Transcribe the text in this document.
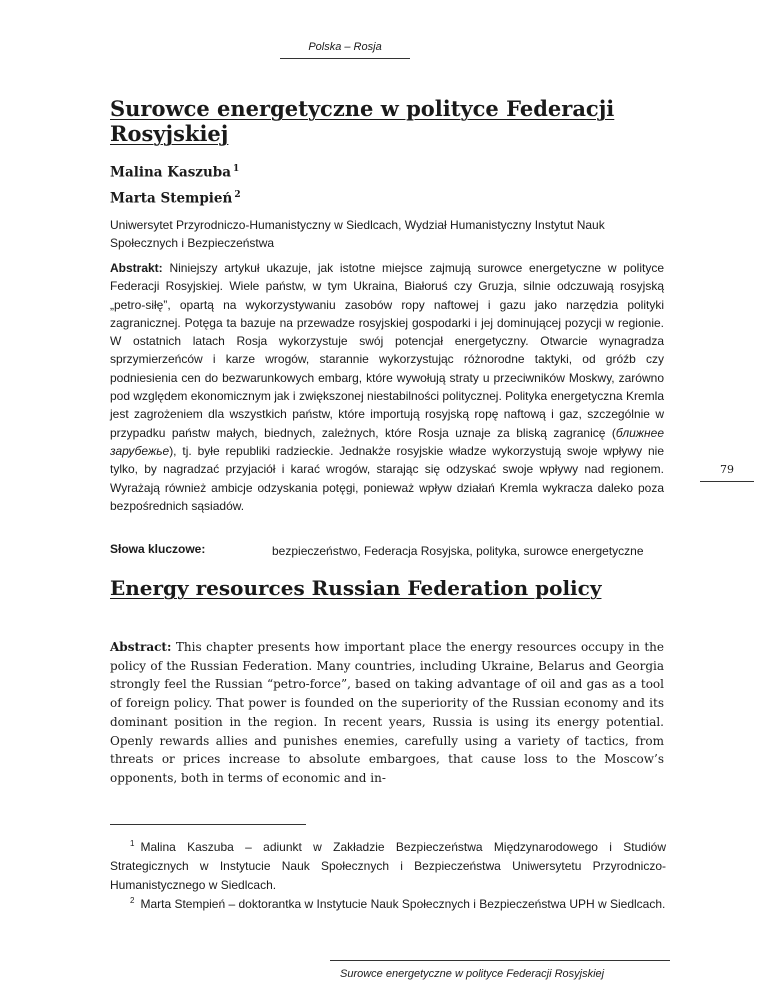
Polska – Rosja
Surowce energetyczne w polityce Federacji Rosyjskiej
Malina Kaszuba $^1$
Marta Stempień $^2$
Uniwersytet Przyrodniczo-Humanistyczny w Siedlcach, Wydział Humanistyczny Instytut Nauk Społecznych i Bezpieczeństwa

Abstrakt: Niniejszy artykuł ukazuje, jak istotne miejsce zajmują surowce energetyczne w polityce Federacji Rosyjskiej. Wiele państw, w tym Ukraina, Białoruś czy Gruzja, silnie odczuwają rosyjską „petro-siłę”, opartą na wykorzystywaniu zasobów ropy naftowej i gazu jako narzędzia polityki zagranicznej. Potęga ta bazuje na przewadze rosyjskiej gospodarki i jej dominującej pozycji w regionie. W ostatnich latach Rosja wykorzystuje swój potencjał energetyczny. Otwarcie wynagradza sprzymierzeńców i karze wrogów, starannie wykorzystując różnorodne taktyki, od gróźb czy podniesienia cen do bezwarunkowych embarg, które wywołują straty u przeciwników Moskwy, zarówno pod względem ekonomicznym jak i zwiększonej niestabilności politycznej. Polityka energetyczna Kremla jest zagrożeniem dla wszystkich państw, które importują rosyjską ropę naftową i gaz, szczególnie w przypadku państw małych, biednych, zależnych, które Rosja uznaje za bliską zagranicę (ближнее зарубежье), tj. byłe republiki radzieckie. Jednakże rosyjskie władze wykorzystują swoje wpływy nie tylko, by nagradzać przyjaciół i karać wrogów, starając się odzyskać swoje wpływy nad regionem. Wyrażają również ambicje odzyskania potęgi, ponieważ wpływ działań Kremla wykracza daleko poza bezpośrednich sąsiadów.

Słowa kluczowe:	bezpieczeństwo, Federacja Rosyjska, polityka, surowce energetyczne
Energy resources Russian Federation policy

Abstract: This chapter presents how important place the energy resources occupy in the policy of the Russian Federation. Many countries, including Ukraine, Belarus and Georgia strongly feel the Russian “petro-force”, based on taking advantage of oil and gas as a tool of foreign policy. That power is founded on the superiority of the Russian economy and its dominant position in the region. In recent years, Russia is using its energy potential. Openly rewards allies and punishes enemies, carefully using a variety of tactics, from threats or prices increase to absolute embargoes, that cause loss to the Moscow’s opponents, both in terms of economic and in-

$^1$ Malina Kaszuba – adiunkt w Zakładzie Bezpieczeństwa Międzynarodowego i Studiów Strategicznych w Instytucie Nauk Społecznych i Bezpieczeństwa Uniwersytetu Przyrodniczo-Humanistycznego w Siedlcach.

$^2$ Marta Stempień – doktorantka w Instytucie Nauk Społecznych i Bezpieczeństwa UPH w Siedlcach.

79
Surowce energetyczne w polityce Federacji Rosyjskiej
